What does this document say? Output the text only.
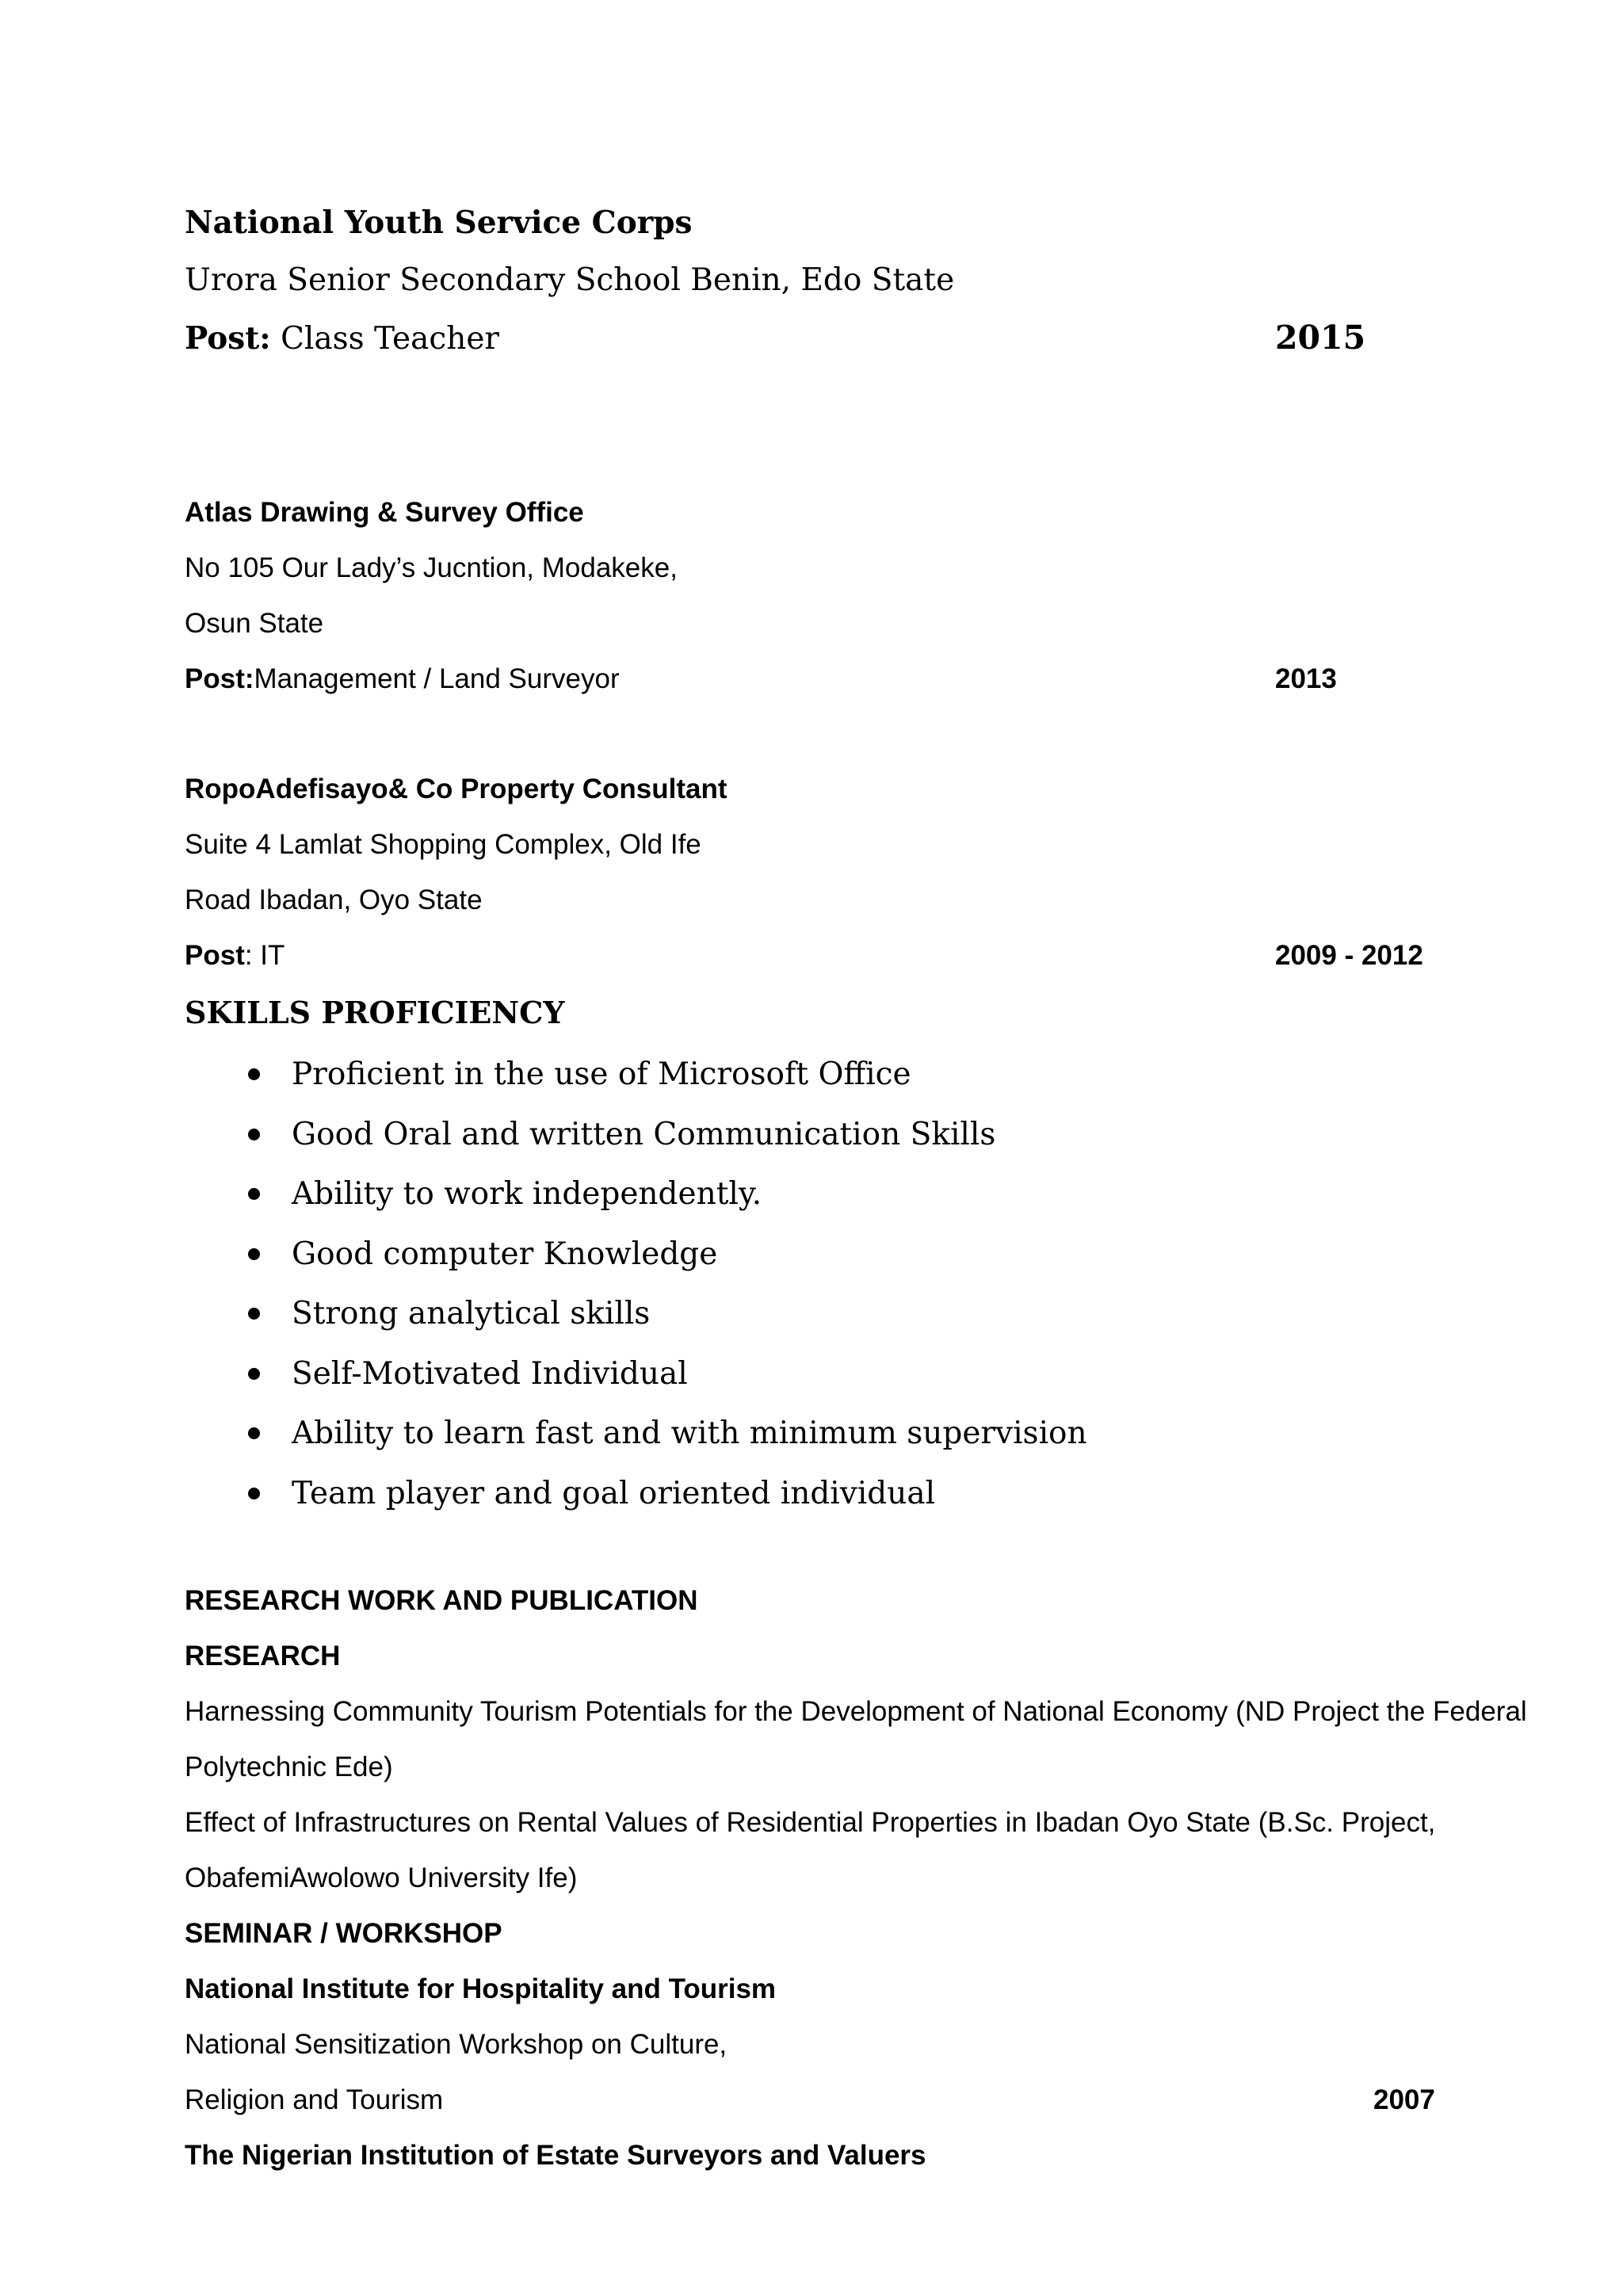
National Youth Service Corps
Urora Senior Secondary School Benin, Edo State
Post: Class Teacher	2015
Atlas Drawing & Survey Office
No 105 Our Lady’s Jucntion, Modakeke,
Osun State
Post:Management / Land Surveyor	2013
RopoAdefisayo& Co Property Consultant
Suite 4 Lamlat Shopping Complex, Old Ife
Road Ibadan, Oyo State
Post: IT	2009 - 2012
SKILLS PROFICIENCY
Proficient in the use of Microsoft Office
Good Oral and written Communication Skills
Ability to work independently.
Good computer Knowledge
Strong analytical skills
Self-Motivated Individual
Ability to learn fast and with minimum supervision
Team player and goal oriented individual
RESEARCH WORK AND PUBLICATION
RESEARCH
Harnessing Community Tourism Potentials for the Development of National Economy (ND Project the Federal
Polytechnic Ede)
Effect of Infrastructures on Rental Values of Residential Properties in Ibadan Oyo State (B.Sc. Project,
ObafemiAwolowo University Ife)
SEMINAR / WORKSHOP
National Institute for Hospitality and Tourism
National Sensitization Workshop on Culture,
Religion and Tourism	2007
The Nigerian Institution of Estate Surveyors and Valuers
